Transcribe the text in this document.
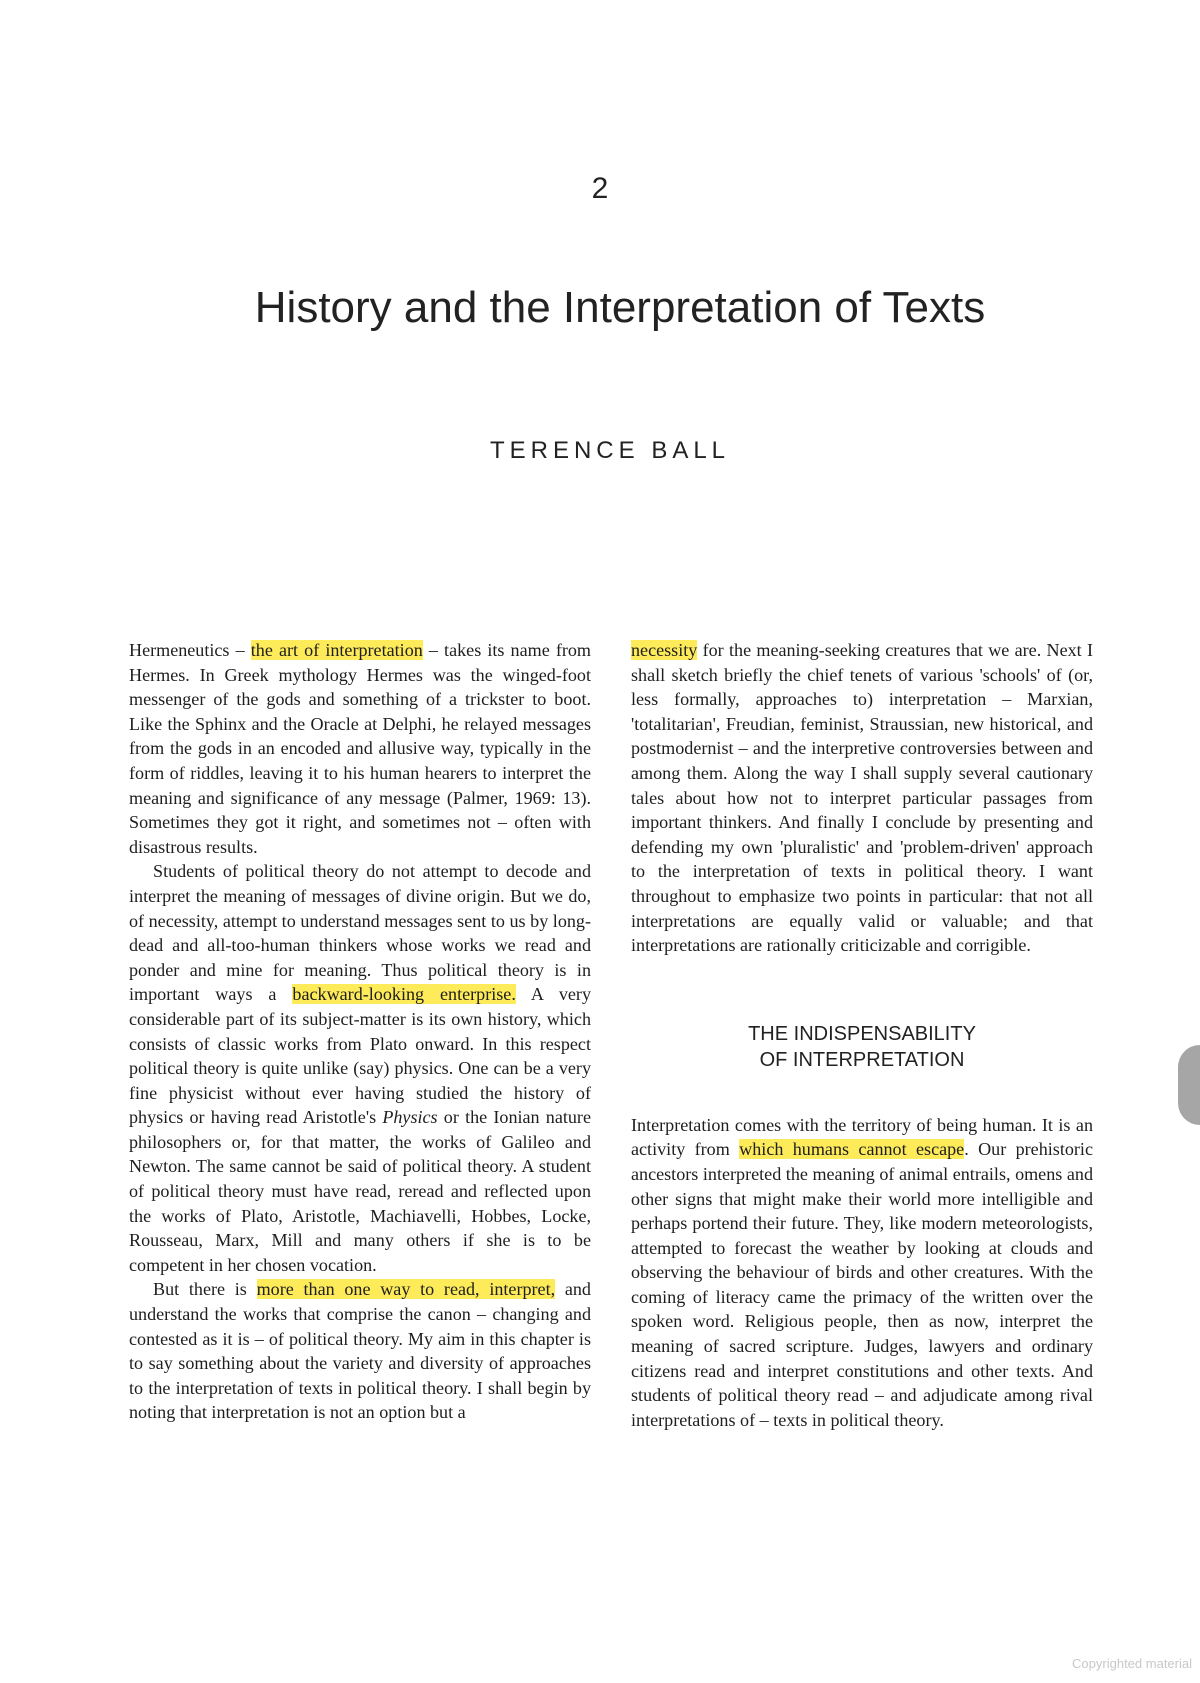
2
History and the Interpretation of Texts
TERENCE BALL

Hermeneutics – the art of interpretation – takes its name from Hermes. In Greek mythology Hermes was the winged-foot messenger of the gods and something of a trickster to boot. Like the Sphinx and the Oracle at Delphi, he relayed messages from the gods in an encoded and allusive way, typically in the form of riddles, leaving it to his human hearers to interpret the meaning and significance of any message (Palmer, 1969: 13). Sometimes they got it right, and sometimes not – often with disastrous results.

Students of political theory do not attempt to decode and interpret the meaning of messages of divine origin. But we do, of necessity, attempt to understand messages sent to us by long-dead and all-too-human thinkers whose works we read and ponder and mine for meaning. Thus political theory is in important ways a backward-looking enterprise. A very considerable part of its subject-matter is its own history, which consists of classic works from Plato onward. In this respect political theory is quite unlike (say) physics. One can be a very fine physicist without ever having studied the history of physics or having read Aristotle's Physics or the Ionian nature philosophers or, for that matter, the works of Galileo and Newton. The same cannot be said of political theory. A student of political theory must have read, reread and reflected upon the works of Plato, Aristotle, Machiavelli, Hobbes, Locke, Rousseau, Marx, Mill and many others if she is to be competent in her chosen vocation.

But there is more than one way to read, interpret, and understand the works that comprise the canon – changing and contested as it is – of political theory. My aim in this chapter is to say something about the variety and diversity of approaches to the interpretation of texts in political theory. I shall begin by noting that interpretation is not an option but a

necessity for the meaning-seeking creatures that we are. Next I shall sketch briefly the chief tenets of various 'schools' of (or, less formally, approaches to) interpretation – Marxian, 'totalitarian', Freudian, feminist, Straussian, new historical, and postmodernist – and the interpretive controversies between and among them. Along the way I shall supply several cautionary tales about how not to interpret particular passages from important thinkers. And finally I conclude by presenting and defending my own 'pluralistic' and 'problem-driven' approach to the interpretation of texts in political theory. I want throughout to emphasize two points in particular: that not all interpretations are equally valid or valuable; and that interpretations are rationally criticizable and corrigible.

THE INDISPENSABILITY
OF INTERPRETATION

Interpretation comes with the territory of being human. It is an activity from which humans cannot escape. Our prehistoric ancestors interpreted the meaning of animal entrails, omens and other signs that might make their world more intelligible and perhaps portend their future. They, like modern meteorologists, attempted to forecast the weather by looking at clouds and observing the behaviour of birds and other creatures. With the coming of literacy came the primacy of the written over the spoken word. Religious people, then as now, interpret the meaning of sacred scripture. Judges, lawyers and ordinary citizens read and interpret constitutions and other texts. And students of political theory read – and adjudicate among rival interpretations of – texts in political theory.

Copyrighted material
